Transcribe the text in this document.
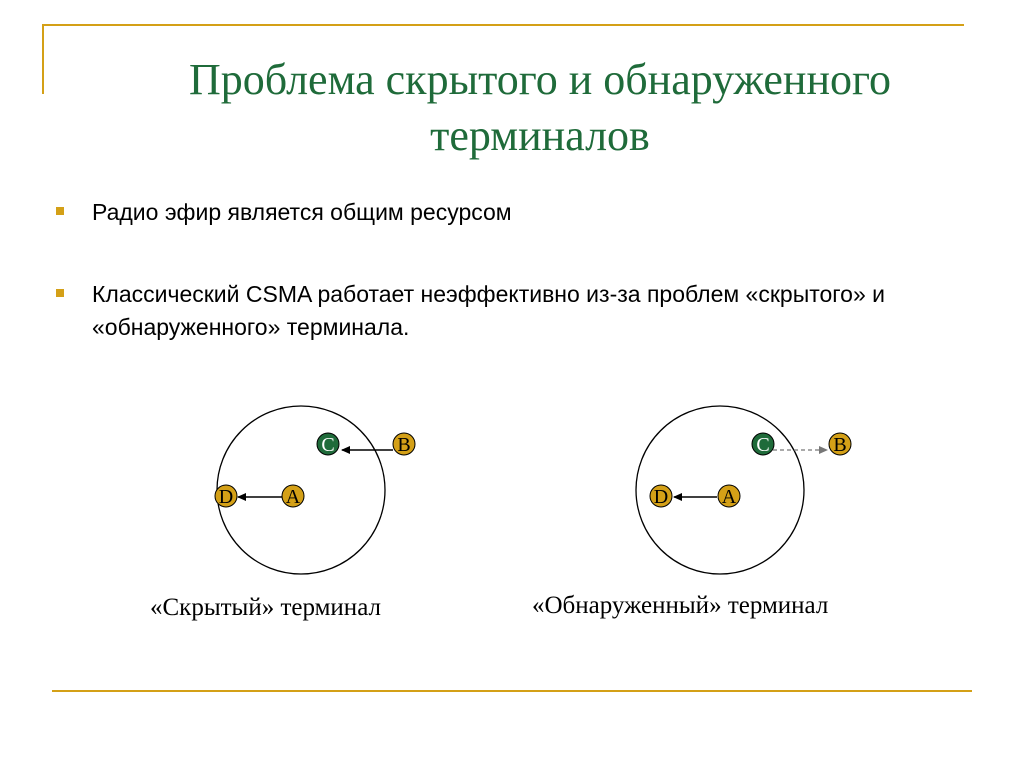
Проблема скрытого и обнаруженного
терминалов
Радио эфир является общим ресурсом
Классический CSMA работает неэффективно из-за проблем «скрытого» и «обнаруженного» терминала.
C	B
D	A
C	B
D	A
«Скрытый» терминал	«Обнаруженный» терминал
